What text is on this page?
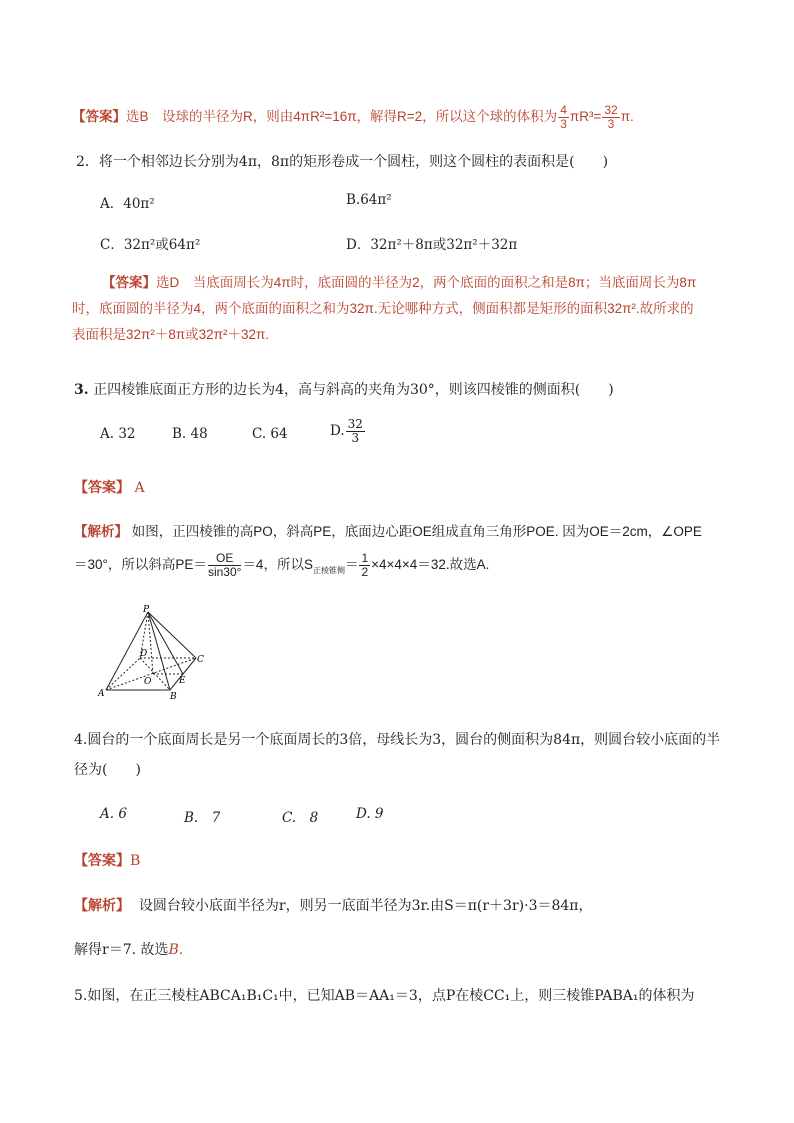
【答案】选B　设球的半径为R，则由4πR²=16π，解得R=2，所以这个球的体积为 $\frac{4}{3} \pi R^3= \frac{32}{3} \pi$.
2．将一个相邻边长分别为4π，8π的矩形卷成一个圆柱，则这个圆柱的表面积是(　　)
A．40π²	B.64π²
C．32π²或64π²	D．32π²＋8π或32π²＋32π
【答案】选D　当底面周长为4π时，底面圆的半径为2，两个底面的面积之和是8π；当底面周长为8π
时，底面圆的半径为4，两个底面的面积之和为32π.无论哪种方式，侧面积都是矩形的面积32π².故所求的
表面积是32π²＋8π或32π²＋32π.
3. 正四棱锥底面正方形的边长为4，高与斜高的夹角为30°，则该四棱锥的侧面积(　　)
A. 32	B. 48	C. 64	D. $\frac{32}{3}$
【答案】 A
【解析】 如图，正四棱锥的高PO，斜高PE，底面边心距OE组成直角三角形POE. 因为OE＝2cm，∠OPE
＝30°，所以斜高$PE= \frac{OE}{\sin 30^\circ} =4$，所以$S_{正棱锥侧}= \frac{1}{2} \times 4\times 4\times 4=32$.故选A.
P
D
C
O	E
A	B
4.圆台的一个底面周长是另一个底面周长的3倍，母线长为3，圆台的侧面积为84π，则圆台较小底面的半
径为(　　)
A. 6	B.　7	C.　8	D. 9
【答案】B
【解析】 设圆台较小底面半径为r，则另一底面半径为3r.由S＝π(r＋3r)·3＝84π，
解得r＝7. 故选B.
5.如图，在正三棱柱ABCA₁B₁C₁中，已知AB＝AA₁＝3，点P在棱CC₁上，则三棱锥PABA₁的体积为
